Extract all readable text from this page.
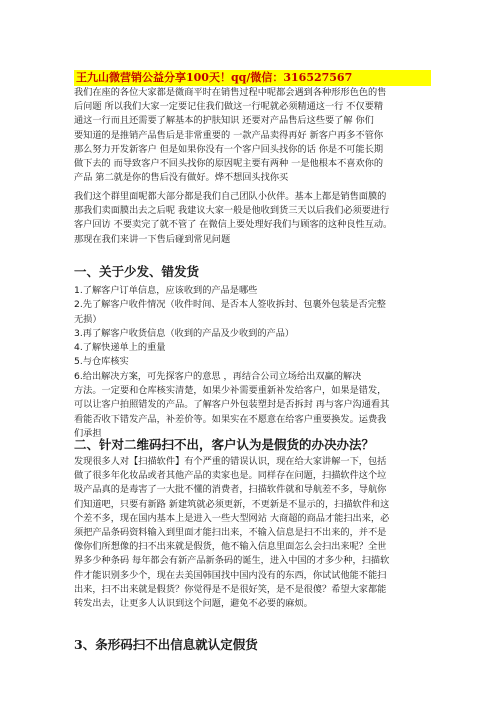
王九山微营销公益分享100天！qq/微信：316527567
我们在座的各位大家都是微商平时在销售过程中呢都会遇到各种形形色色的售
后问题 所以我们大家一定要记住我们做这一行呢就必须精通这一行 不仅要精
通这一行而且还需要了解基本的护肤知识 还要对产品售后这些要了解 你们
要知道的是推销产品售后是非常重要的 一款产品卖得再好 新客户再多不管你
那么努力开发新客户 但是如果你没有一个客户回头找你的话 你是不可能长期
做下去的 而导致客户不回头找你的原因呢主要有两种 一是他根本不喜欢你的
产品 第二就是你的售后没有做好。烨不想回头找你买
我们这个群里面呢都大部分都是我们自己团队小伙伴。基本上都是销售面膜的
那我们卖面膜出去之后呢 我建议大家一般是他收到货三天以后我们必须要进行
客户回访 不要卖完了就不管了 在微信上要处理好我们与顾客的这种良性互动。
那现在我们来讲一下售后碰到常见问题
一、关于少发、错发货
1.了解客户订单信息，应该收到的产品是哪些
2.先了解客户收件情况（收件时间、是否本人签收拆封、包裹外包装是否完整
无损）
3.再了解客户收货信息（收到的产品及少收到的产品）
4.了解快递单上的重量
5.与仓库核实
6.给出解决方案，可先探客户的意思 ，再结合公司立场给出双赢的解决
方法。一定要和仓库核实清楚，如果少补需要重新补发给客户，如果是错发，
可以让客户拍照错发的产品。了解客户外包装塑封是否拆封 再与客户沟通看其
看能否收下错发产品，补差价等。如果实在不愿意在给客户重要换发。运费我
们承担
二、针对二维码扫不出，客户认为是假货的办决办法？
发现很多人对【扫描软件】有个严重的错误认识，现在给大家讲解一下，包括
做了很多年化妆品或者其他产品的卖家也是。同样存在问题，扫描软件这个垃
圾产品真的是毒害了一大批不懂的消费者，扫描软件就和导航差不多，导航你
们知道吧，只要有新路 新建筑就必须更新，不更新是不显示的，扫描软件和这
个差不多，现在国内基本上是进入一些大型网站 大商超的商品才能扫出来，必
须把产品条码资料输入到里面才能扫出来，不输入信息是扫不出来的，并不是
像你们所想像的扫不出来就是假货，他不输入信息里面怎么会扫出来呢？全世
界多少种条码 每年都会有新产品新条码的诞生，进入中国的才多少种，扫描软
件才能识别多少个，现在去美国韩国找中国内没有的东西，你试试他能不能扫
出来，扫不出来就是假货？你觉得是不是很好笑，是不是很傻？希望大家都能
转发出去，让更多人认识到这个问题，避免不必要的麻烦。
3、条形码扫不出信息就认定假货
